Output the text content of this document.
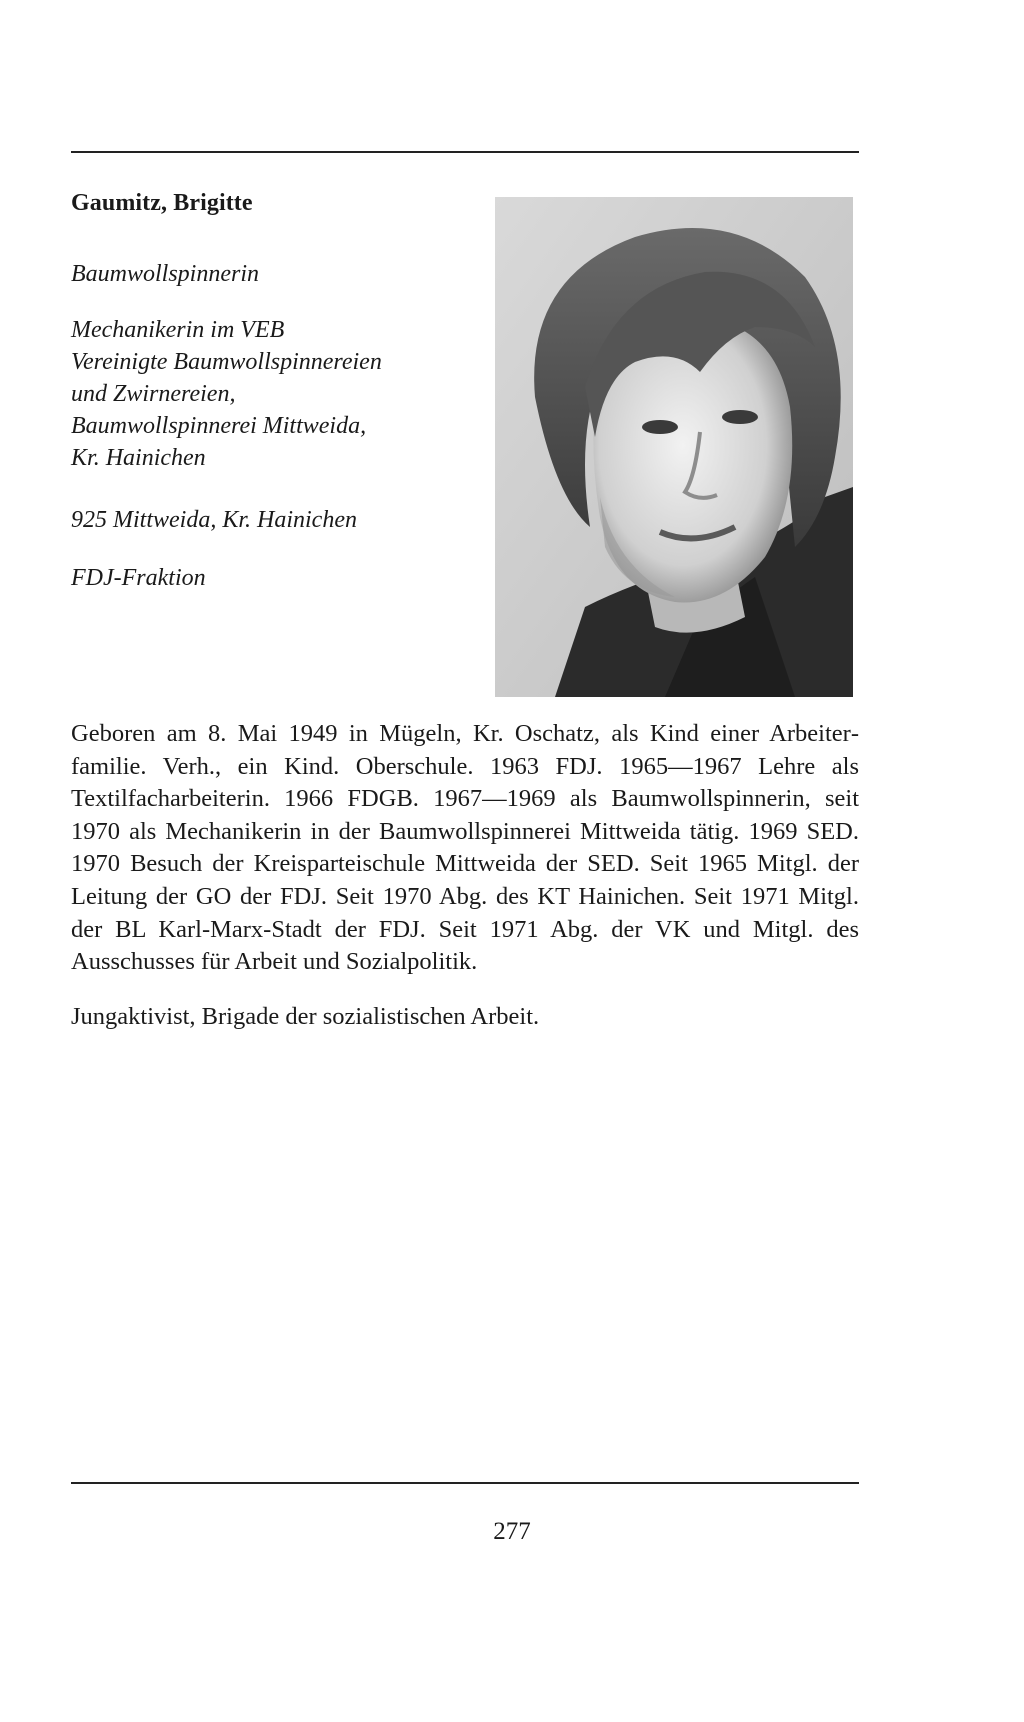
Gaumitz, Brigitte
Baumwollspinnerin
Mechanikerin im VEB
Vereinigte Baumwollspinnereien
und Zwirnereien,
Baumwollspinnerei Mittweida,
Kr. Hainichen
925 Mittweida, Kr. Hainichen
FDJ-Fraktion

Geboren am 8. Mai 1949 in Mügeln, Kr. Oschatz, als Kind einer Arbeiterfamilie. Verh., ein Kind. Oberschule. 1963 FDJ. 1965—1967 Lehre als Textilfacharbeiterin. 1966 FDGB. 1967—1969 als Baumwollspinnerin, seit 1970 als Mechanikerin in der Baumwollspinnerei Mittweida tätig. 1969 SED. 1970 Besuch der Kreisparteischule Mittweida der SED. Seit 1965 Mitgl. der Leitung der GO der FDJ. Seit 1970 Abg. des KT Hainichen. Seit 1971 Mitgl. der BL Karl-Marx-Stadt der FDJ. Seit 1971 Abg. der VK und Mitgl. des Ausschusses für Arbeit und Sozialpolitik.

Jungaktivist, Brigade der sozialistischen Arbeit.
277
